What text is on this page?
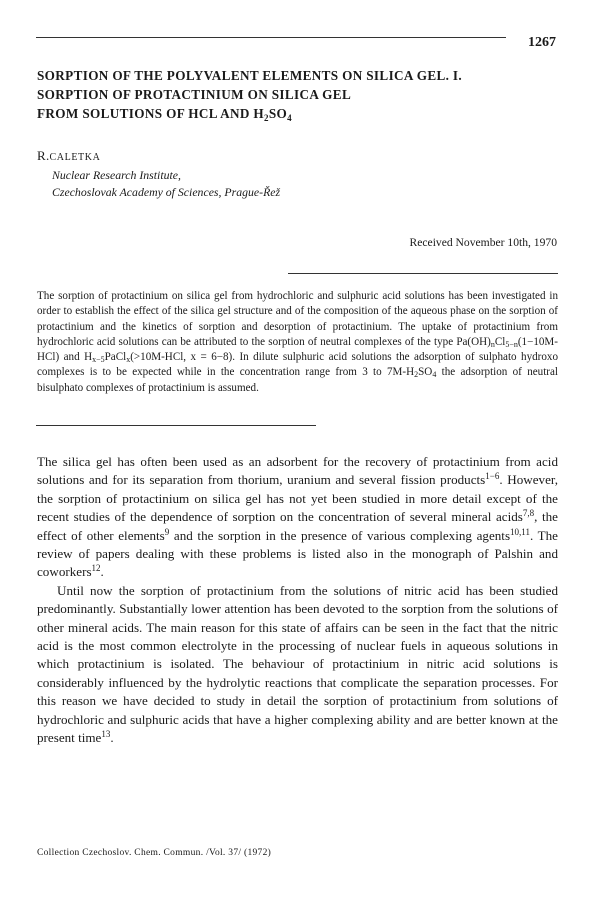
1267
SORPTION OF THE POLYVALENT ELEMENTS ON SILICA GEL. I.
SORPTION OF PROTACTINIUM ON SILICA GEL
FROM SOLUTIONS OF HCL AND $H_2SO_4$
R.CALETKA
Nuclear Research Institute,
Czechoslovak Academy of Sciences, Prague-Řež
Received November 10th, 1970
The sorption of protactinium on silica gel from hydrochloric and sulphuric acid solutions has been investigated in order to establish the effect of the silica gel structure and of the composition of the aqueous phase on the sorption of protactinium and the kinetics of sorption and desorption of protactinium. The uptake of protactinium from hydrochloric acid solutions can be attributed to the sorption of neutral complexes of the type $Pa(OH)_nCl_{5-n}(1-10M-HCl)$ and $H_{x-5}PaCl_x(>10M$-HCl, x = 6−8). In dilute sulphuric acid solutions the adsorption of sulphato hydroxo complexes is to be expected while in the concentration range from 3 to $7M-H_2SO_4$ the adsorption of neutral bisulphato complexes of protactinium is assumed.

The silica gel has often been used as an adsorbent for the recovery of protactinium from acid solutions and for its separation from thorium, uranium and several fission products$^{1-6}$. However, the sorption of protactinium on silica gel has not yet been studied in more detail except of the recent studies of the dependence of sorption on the concentration of several mineral acids$^{7,8}$, the effect of other elements$^9$ and the sorption in the presence of various complexing agents$^{10,11}$. The review of papers dealing with these problems is listed also in the monograph of Palshin and coworkers$^{12}$.

Until now the sorption of protactinium from the solutions of nitric acid has been studied predominantly. Substantially lower attention has been devoted to the sorption from the solutions of other mineral acids. The main reason for this state of affairs can be seen in the fact that the nitric acid is the most common electrolyte in the processing of nuclear fuels in aqueous solutions in which protactinium is isolated. The behaviour of protactinium in nitric acid solutions is considerably influenced by the hydrolytic reactions that complicate the separation processes. For this reason we have decided to study in detail the sorption of protactinium from solutions of hydrochloric and sulphuric acids that have a higher complexing ability and are better known at the present time$^{13}$.

Collection Czechoslov. Chem. Commun. /Vol. 37/ (1972)
